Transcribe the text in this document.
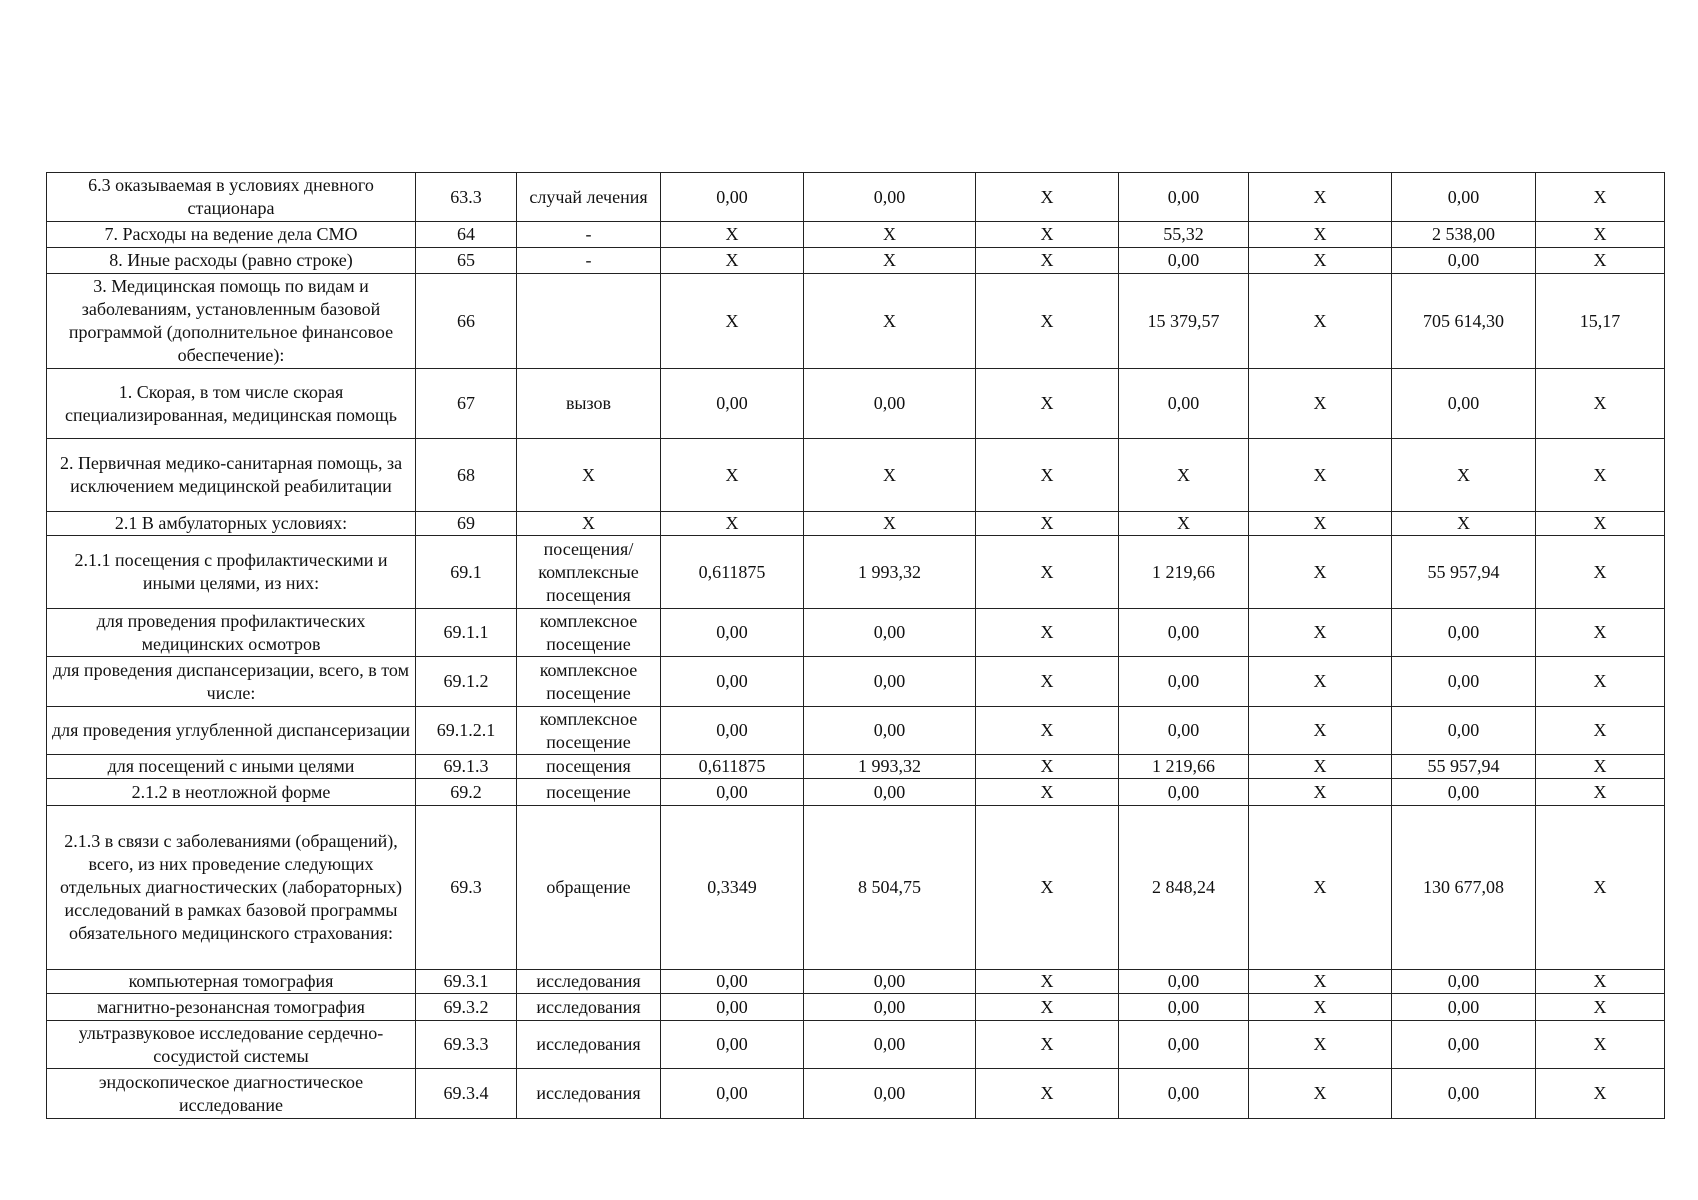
6.3 оказываемая в условиях дневного стационара	63.3	случай лечения	0,00	0,00	X	0,00	X	0,00	X
7. Расходы на ведение дела СМО	64	-	X	X	X	55,32	X	2 538,00	X
8. Иные расходы (равно строке)	65	-	X	X	X	0,00	X	0,00	X
3. Медицинская помощь по видам и заболеваниям, установленным базовой программой (дополнительное финансовое обеспечение):	66		X	X	X	15 379,57	X	705 614,30	15,17
1. Скорая, в том числе скорая специализированная, медицинская помощь	67	вызов	0,00	0,00	X	0,00	X	0,00	X
2. Первичная медико-санитарная помощь, за исключением медицинской реабилитации	68	X	X	X	X	X	X	X	X
2.1 В амбулаторных условиях:	69	X	X	X	X	X	X	X	X
2.1.1 посещения с профилактическими и иными целями, из них:	69.1	посещения/ комплексные посещения	0,611875	1 993,32	X	1 219,66	X	55 957,94	X
для проведения профилактических медицинских осмотров	69.1.1	комплексное посещение	0,00	0,00	X	0,00	X	0,00	X
для проведения диспансеризации, всего, в том числе:	69.1.2	комплексное посещение	0,00	0,00	X	0,00	X	0,00	X
для проведения углубленной диспансеризации	69.1.2.1	комплексное посещение	0,00	0,00	X	0,00	X	0,00	X
для посещений с иными целями	69.1.3	посещения	0,611875	1 993,32	X	1 219,66	X	55 957,94	X
2.1.2 в неотложной форме	69.2	посещение	0,00	0,00	X	0,00	X	0,00	X
2.1.3 в связи с заболеваниями (обращений), всего, из них проведение следующих отдельных диагностических (лабораторных) исследований в рамках базовой программы обязательного медицинского страхования:	69.3	обращение	0,3349	8 504,75	X	2 848,24	X	130 677,08	X
компьютерная томография	69.3.1	исследования	0,00	0,00	X	0,00	X	0,00	X
магнитно-резонансная томография	69.3.2	исследования	0,00	0,00	X	0,00	X	0,00	X
ультразвуковое исследование сердечно-сосудистой системы	69.3.3	исследования	0,00	0,00	X	0,00	X	0,00	X
эндоскопическое диагностическое исследование	69.3.4	исследования	0,00	0,00	X	0,00	X	0,00	X
